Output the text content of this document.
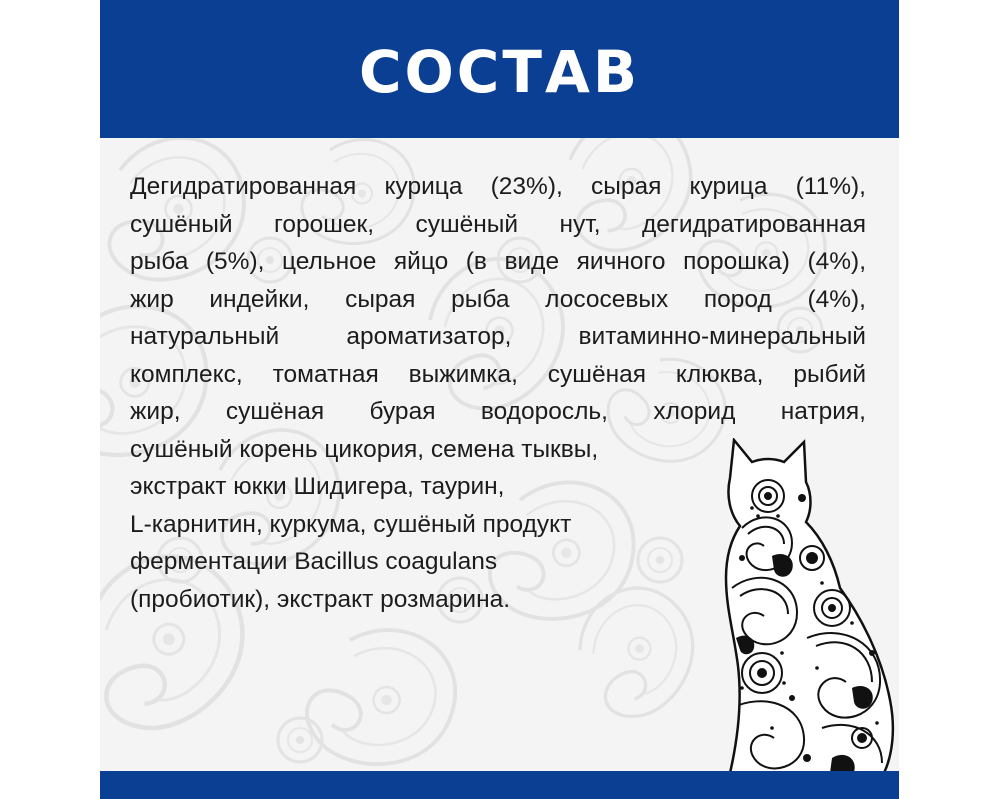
СОСТАВ
Дегидратированная курица (23%), сырая курица (11%),
сушёный горошек, сушёный нут, дегидратированная
рыба (5%), цельное яйцо (в виде яичного порошка) (4%),
жир индейки, сырая рыба лососевых пород (4%),
натуральный ароматизатор, витаминно-минеральный
комплекс, томатная выжимка, сушёная клюква, рыбий
жир, сушёная бурая водоросль, хлорид натрия,
сушёный корень цикория, семена тыквы,
экстракт юкки Шидигера, таурин,
L-карнитин, куркума, сушёный продукт
ферментации Bacillus coagulans
(пробиотик), экстракт розмарина.
